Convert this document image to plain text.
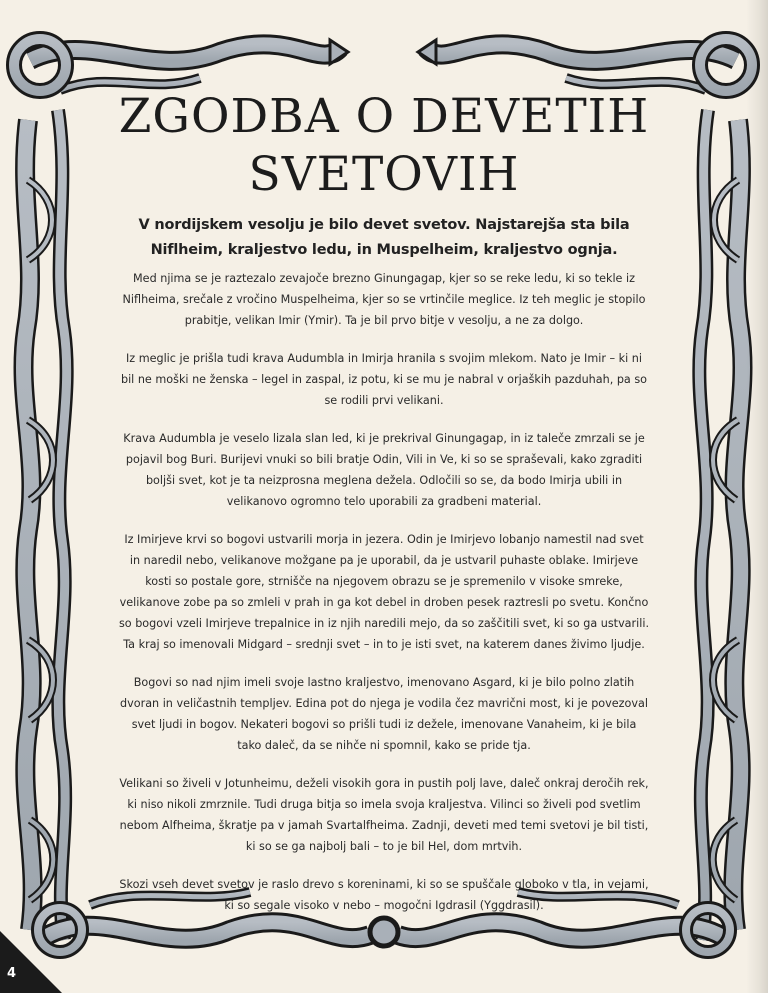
ZGODBA O DEVETIH
SVETOVIH
V nordijskem vesolju je bilo devet svetov. Najstarejša sta bila Niflheim, kraljestvo ledu, in Muspelheim, kraljestvo ognja.

Med njima se je raztezalo zevajoče brezno Ginungagap, kjer so se reke ledu, ki so tekle iz Niflheima, srečale z vročino Muspelheima, kjer so se vrtinčile meglice. Iz teh meglic je stopilo prabitje, velikan Imir (Ymir). Ta je bil prvo bitje v vesolju, a ne za dolgo.

Iz meglic je prišla tudi krava Audumbla in Imirja hranila s svojim mlekom. Nato je Imir – ki ni bil ne moški ne ženska – legel in zaspal, iz potu, ki se mu je nabral v orjaških pazduhah, pa so se rodili prvi velikani.

Krava Audumbla je veselo lizala slan led, ki je prekrival Ginungagap, in iz taleče zmrzali se je pojavil bog Buri. Burijevi vnuki so bili bratje Odin, Vili in Ve, ki so se spraševali, kako zgraditi boljši svet, kot je ta neizprosna meglena dežela. Odločili so se, da bodo Imirja ubili in velikanovo ogromno telo uporabili za gradbeni material.

Iz Imirjeve krvi so bogovi ustvarili morja in jezera. Odin je Imirjevo lobanjo namestil nad svet in naredil nebo, velikanove možgane pa je uporabil, da je ustvaril puhaste oblake. Imirjeve kosti so postale gore, strnišče na njegovem obrazu se je spremenilo v visoke smreke, velikanove zobe pa so zmleli v prah in ga kot debel in droben pesek raztresli po svetu. Končno so bogovi vzeli Imirjeve trepalnice in iz njih naredili mejo, da so zaščitili svet, ki so ga ustvarili. Ta kraj so imenovali Midgard – srednji svet – in to je isti svet, na katerem danes živimo ljudje.

Bogovi so nad njim imeli svoje lastno kraljestvo, imenovano Asgard, ki je bilo polno zlatih dvoran in veličastnih templjev. Edina pot do njega je vodila čez mavrični most, ki je povezoval svet ljudi in bogov. Nekateri bogovi so prišli tudi iz dežele, imenovane Vanaheim, ki je bila tako daleč, da se nihče ni spomnil, kako se pride tja.

Velikani so živeli v Jotunheimu, deželi visokih gora in pustih polj lave, daleč onkraj deročih rek, ki niso nikoli zmrznile. Tudi druga bitja so imela svoja kraljestva. Vilinci so živeli pod svetlim nebom Alfheima, škratje pa v jamah Svartalfheima. Zadnji, deveti med temi svetovi je bil tisti, ki so se ga najbolj bali – to je bil Hel, dom mrtvih.

Skozi vseh devet svetov je raslo drevo s koreninami, ki so se spuščale globoko v tla, in vejami, ki so segale visoko v nebo – mogočni Igdrasil (Yggdrasil).

4
